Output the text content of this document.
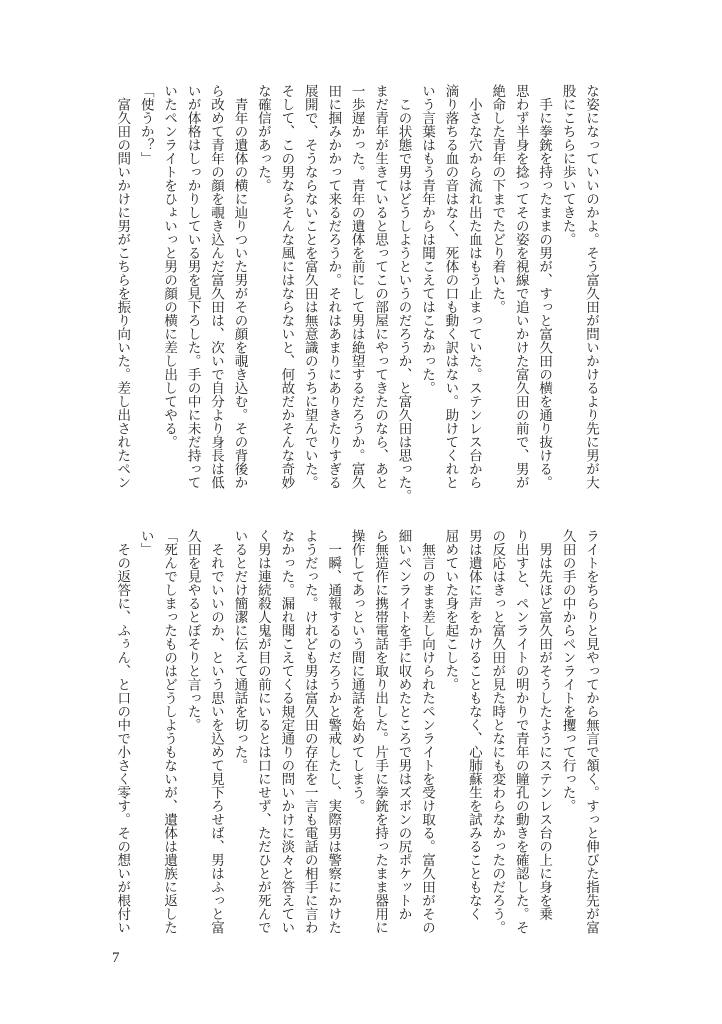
な姿になっていいのかよ。そう富久田が問いかけるより先に男が大
股にこちらに歩いてきた。
　手に拳銃を持ったままの男が、すっと富久田の横を通り抜ける。
思わず半身を捻ってその姿を視線で追いかけた富久田の前で、男が
絶命した青年の下までたどり着いた。
　小さな穴から流れ出た血はもう止まっていた。ステンレス台から
滴り落ちる血の音はなく、死体の口も動く訳はない。助けてくれと
いう言葉はもう青年からは聞こえてはこなかった。
　この状態で男はどうしようというのだろうか、と富久田は思った。
まだ青年が生きていると思ってこの部屋にやってきたのなら、あと
一歩遅かった。青年の遺体を前にして男は絶望するだろうか。富久
田に掴みかかって来るだろうか。それはあまりにありきたりすぎる
展開で、そうならないことを富久田は無意識のうちに望んでいた。
そして、この男ならそんな風にはならないと、何故だかそんな奇妙
な確信があった。
　青年の遺体の横に辿りついた男がその顔を覗き込む。その背後か
ら改めて青年の顔を覗き込んだ富久田は、次いで自分より身長は低
いが体格はしっかりしている男を見下ろした。手の中に未だ持って
いたペンライトをひょいっと男の顔の横に差し出してやる。
「使うか？」
　富久田の問いかけに男がこちらを振り向いた。差し出されたペン
ライトをちらりと見やってから無言で頷く。すっと伸びた指先が富
久田の手の中からペンライトを攫って行った。
　男は先ほど富久田がそうしたようにステンレス台の上に身を乗
り出すと、ペンライトの明かりで青年の瞳孔の動きを確認した。そ
の反応はきっと富久田が見た時となにも変わらなかったのだろう。
男は遺体に声をかけることもなく、心肺蘇生を試みることもなく
屈めていた身を起こした。
　無言のまま差し向けられたペンライトを受け取る。富久田がその
細いペンライトを手に収めたところで男はズボンの尻ポケットか
ら無造作に携帯電話を取り出した。片手に拳銃を持ったまま器用に
操作してあっという間に通話を始めてしまう。
　一瞬、通報するのだろうかと警戒したし、実際男は警察にかけた
ようだった。けれども男は富久田の存在を一言も電話の相手に言わ
なかった。漏れ聞こえてくる規定通りの問いかけに淡々と答えてい
く男は連続殺人鬼が目の前にいるとは口にせず、ただひとが死んで
いるとだけ簡潔に伝えて通話を切った。
　それでいいのか、という思いを込めて見下ろせば、男はふっと富
久田を見やるとぼそりと言った。
「死んでしまったものはどうしようもないが、遺体は遺族に返した
い」
　その返答に、ふぅん、と口の中で小さく零す。その想いが根付い
7
